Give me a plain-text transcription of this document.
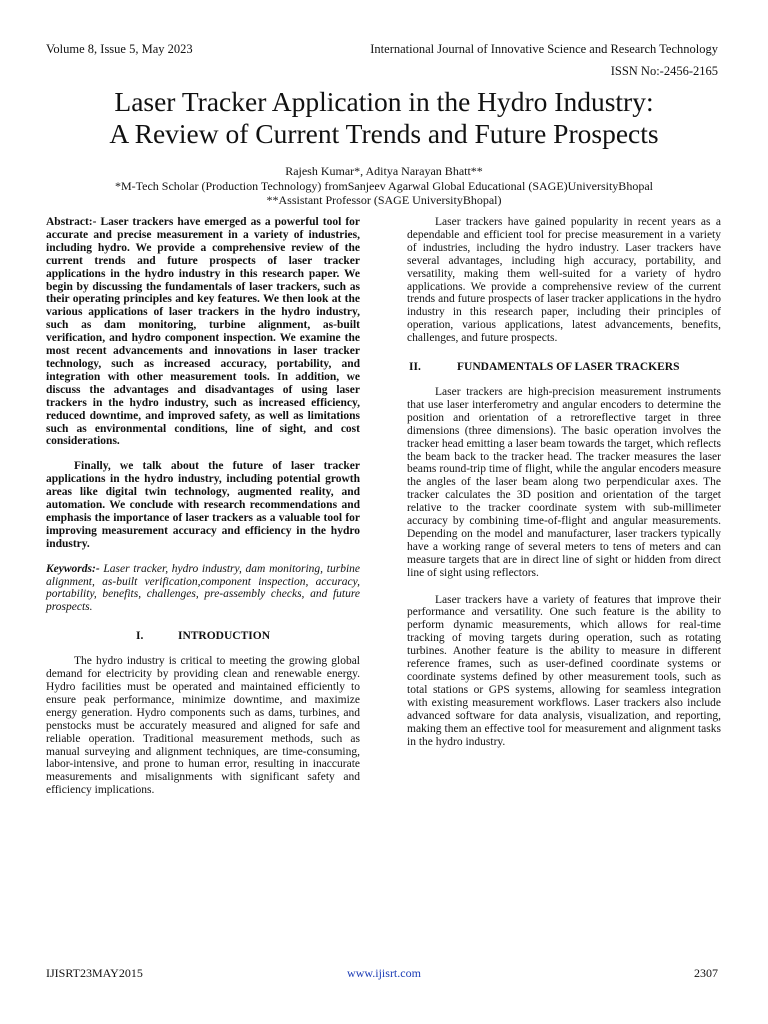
Volume 8, Issue 5, May 2023	International Journal of Innovative Science and Research Technology
ISSN No:-2456-2165
Laser Tracker Application in the Hydro Industry:
A Review of Current Trends and Future Prospects
Rajesh Kumar*, Aditya Narayan Bhatt**
*M-Tech Scholar (Production Technology) fromSanjeev Agarwal Global Educational (SAGE)UniversityBhopal
**Assistant Professor (SAGE UniversityBhopal)

Abstract:- Laser trackers have emerged as a powerful tool for accurate and precise measurement in a variety of industries, including hydro. We provide a comprehensive review of the current trends and future prospects of laser tracker applications in the hydro industry in this research paper. We begin by discussing the fundamentals of laser trackers, such as their operating principles and key features. We then look at the various applications of laser trackers in the hydro industry, such as dam monitoring, turbine alignment, as-built verification, and hydro component inspection. We examine the most recent advancements and innovations in laser tracker technology, such as increased accuracy, portability, and integration with other measurement tools. In addition, we discuss the advantages and disadvantages of using laser trackers in the hydro industry, such as increased efficiency, reduced downtime, and improved safety, as well as limitations such as environmental conditions, line of sight, and cost considerations.

Finally, we talk about the future of laser tracker applications in the hydro industry, including potential growth areas like digital twin technology, augmented reality, and automation. We conclude with research recommendations and emphasis the importance of laser trackers as a valuable tool for improving measurement accuracy and efficiency in the hydro industry.

Keywords:- Laser tracker, hydro industry, dam monitoring, turbine alignment, as-built verification,component inspection, accuracy, portability, benefits, challenges, pre-assembly checks, and future prospects.

I.	INTRODUCTION

The hydro industry is critical to meeting the growing global demand for electricity by providing clean and renewable energy. Hydro facilities must be operated and maintained efficiently to ensure peak performance, minimize downtime, and maximize energy generation. Hydro components such as dams, turbines, and penstocks must be accurately measured and aligned for safe and reliable operation. Traditional measurement methods, such as manual surveying and alignment techniques, are time-consuming, labor-intensive, and prone to human error, resulting in inaccurate measurements and misalignments with significant safety and efficiency implications.

Laser trackers have gained popularity in recent years as a dependable and efficient tool for precise measurement in a variety of industries, including the hydro industry. Laser trackers have several advantages, including high accuracy, portability, and versatility, making them well-suited for a variety of hydro applications. We provide a comprehensive review of the current trends and future prospects of laser tracker applications in the hydro industry in this research paper, including their principles of operation, various applications, latest advancements, benefits, challenges, and future prospects.

II.	FUNDAMENTALS OF LASER TRACKERS

Laser trackers are high-precision measurement instruments that use laser interferometry and angular encoders to determine the position and orientation of a retroreflective target in three dimensions (three dimensions). The basic operation involves the tracker head emitting a laser beam towards the target, which reflects the beam back to the tracker head. The tracker measures the laser beams round-trip time of flight, while the angular encoders measure the angles of the laser beam along two perpendicular axes. The tracker calculates the 3D position and orientation of the target relative to the tracker coordinate system with sub-millimeter accuracy by combining time-of-flight and angular measurements. Depending on the model and manufacturer, laser trackers typically have a working range of several meters to tens of meters and can measure targets that are in direct line of sight or hidden from direct line of sight using reflectors.

Laser trackers have a variety of features that improve their performance and versatility. One such feature is the ability to perform dynamic measurements, which allows for real-time tracking of moving targets during operation, such as rotating turbines. Another feature is the ability to measure in different reference frames, such as user-defined coordinate systems or coordinate systems defined by other measurement tools, such as total stations or GPS systems, allowing for seamless integration with existing measurement workflows. Laser trackers also include advanced software for data analysis, visualization, and reporting, making them an effective tool for measurement and alignment tasks in the hydro industry.

IJISRT23MAY2015	www.ijisrt.com	2307
